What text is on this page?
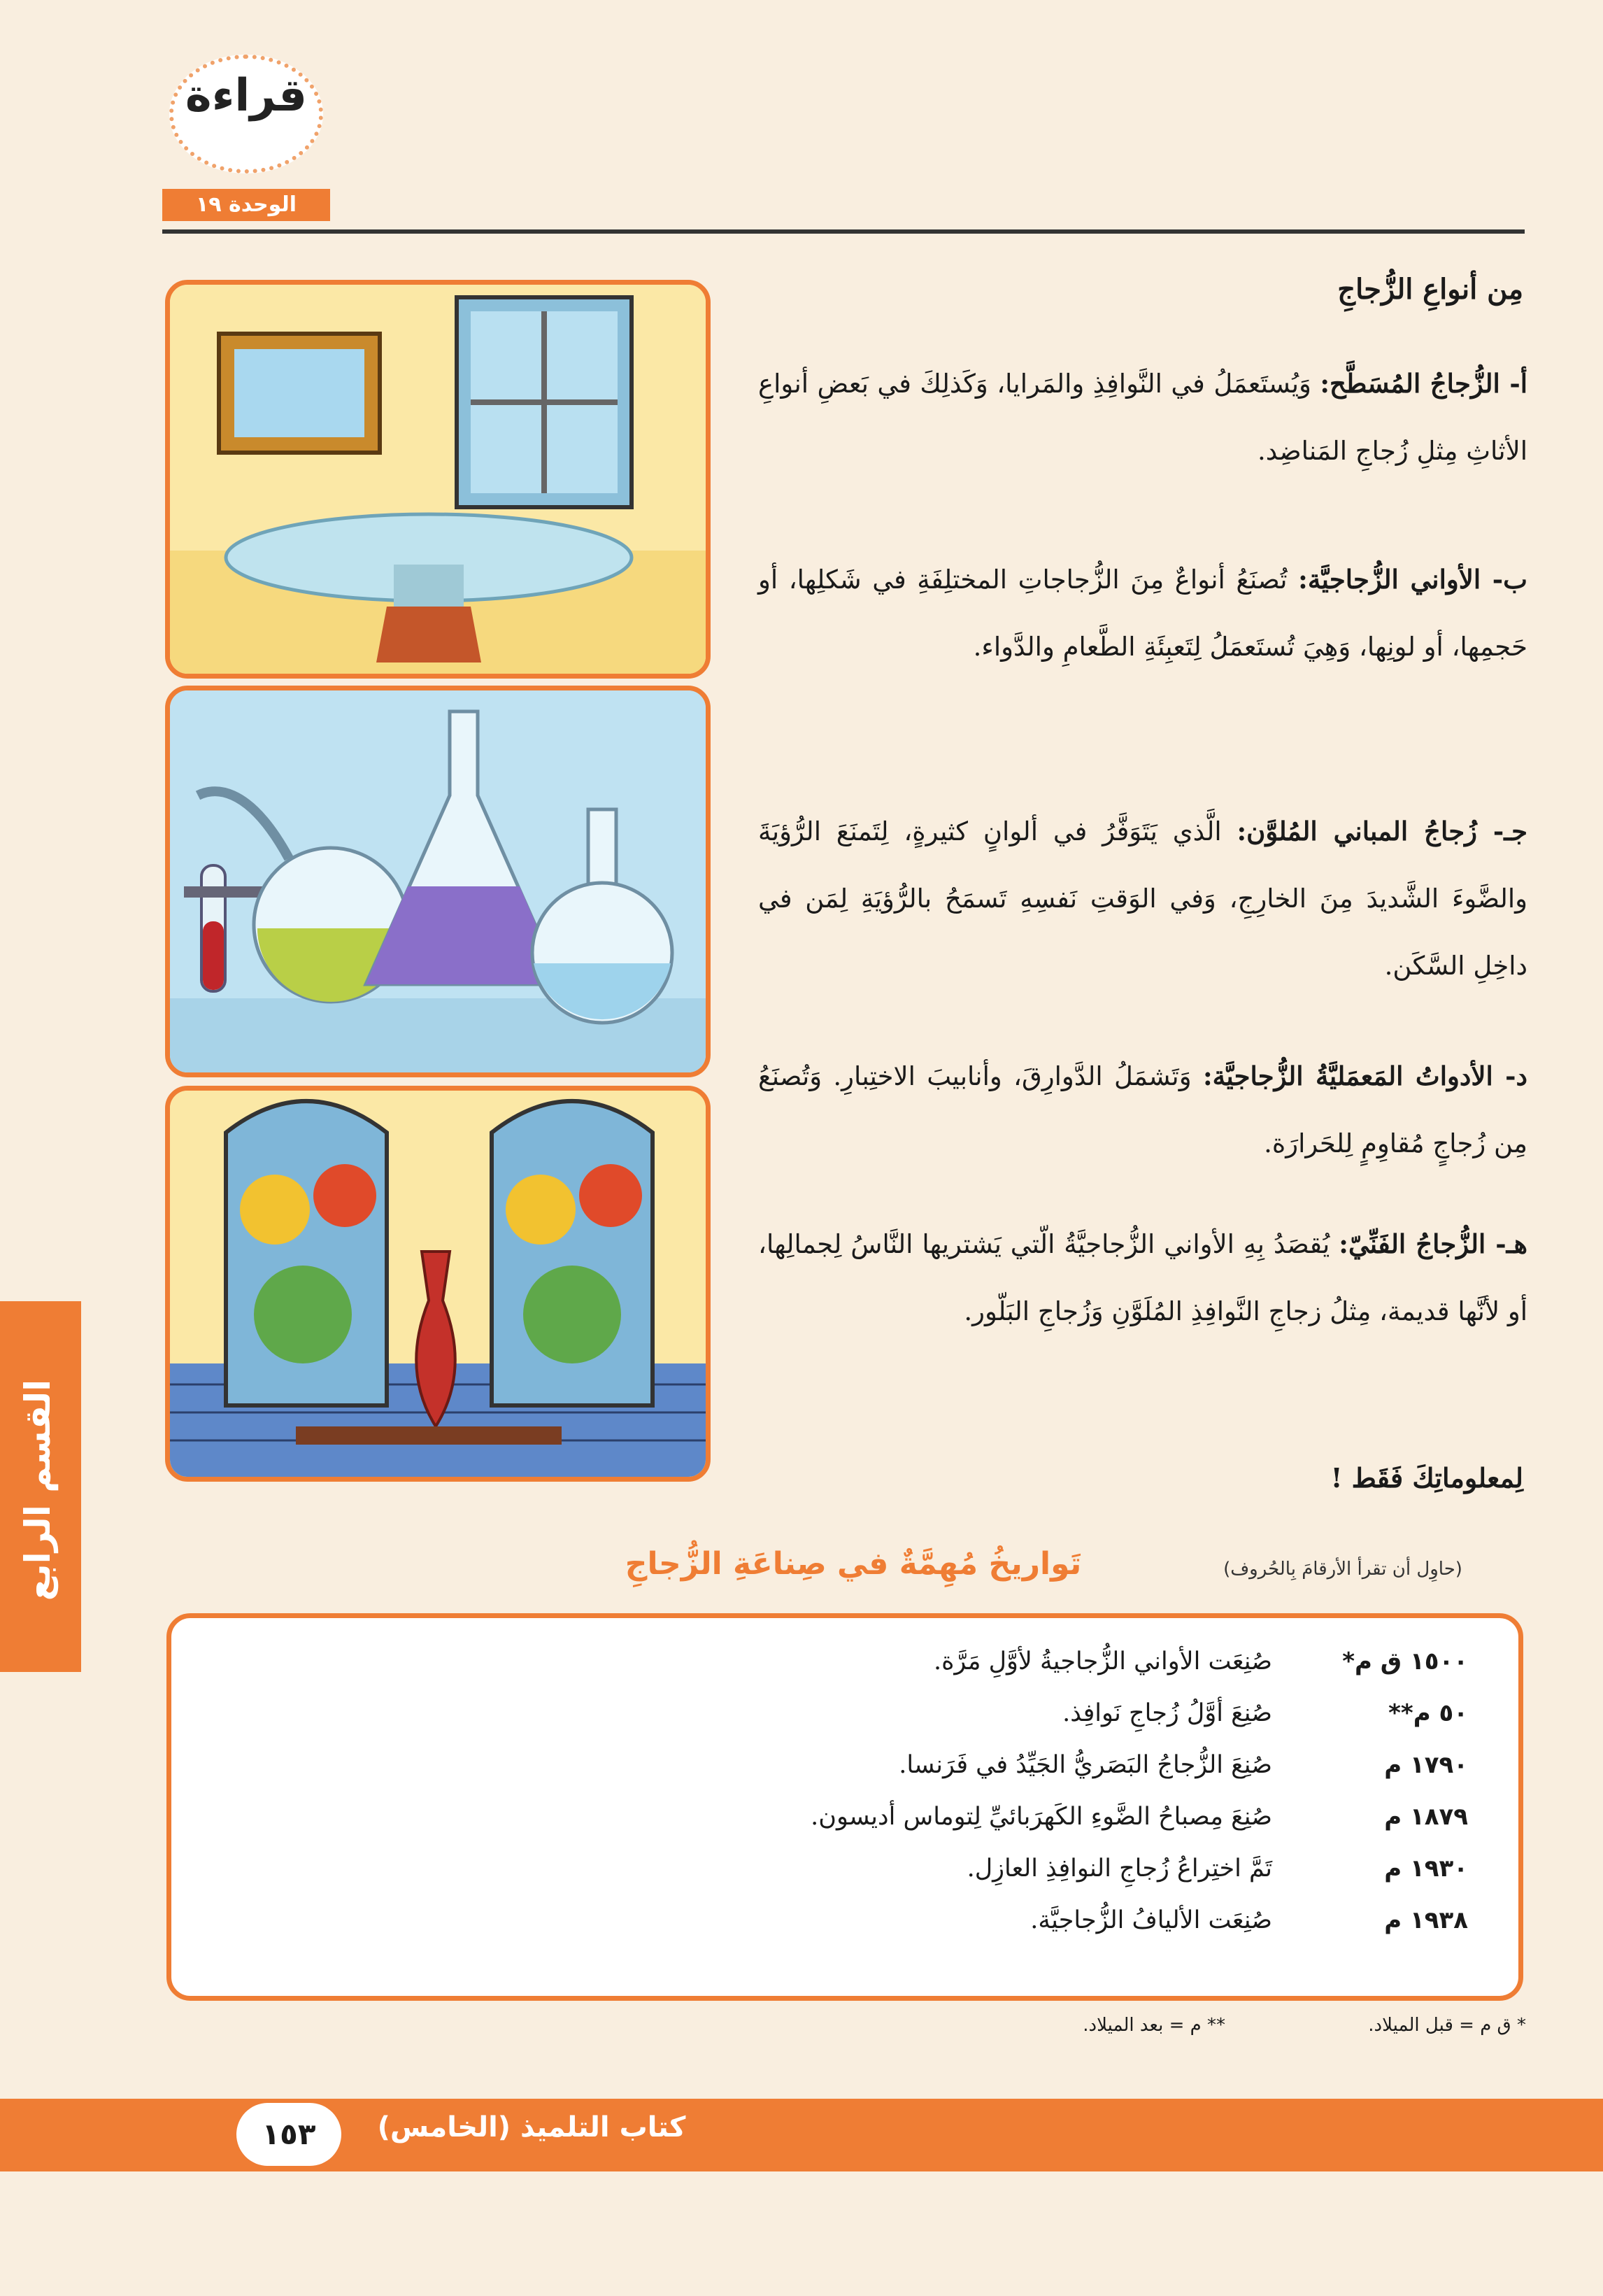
قراءة
الوحدة ١٩
مِن أنواعِ الزُّجاجِ
أ- الزُّجاجُ المُسَطَّح: وَيُستَعمَلُ في النَّوافِذِ والمَرايا، وَكَذلِكَ في بَعضِ أنواعِ الأثاثِ مِثلِ زُجاجِ المَناضِد.
ب- الأواني الزُّجاجيَّة: تُصنَعُ أنواعٌ مِنَ الزُّجاجاتِ المختلِفَةِ في شَكلِها، أو حَجمِها، أو لونِها، وَهِيَ تُستَعمَلُ لِتَعبِئَةِ الطَّعامِ والدَّواء.
جـ- زُجاجُ المباني المُلوَّن: الَّذي يَتَوَفَّرُ في ألوانٍ كثيرةٍ، لِتَمنَعَ الرُّؤيَةَ والضَّوءَ الشَّديدَ مِنَ الخارِجِ، وَفي الوَقتِ نَفسِهِ تَسمَحُ بالرُّؤيَةِ لِمَن في داخِلِ السَّكَن.
د- الأدواتُ المَعمَليَّةُ الزُّجاجيَّة: وَتَشمَلُ الدَّوارِقَ، وأنابيبَ الاختِبارِ. وَتُصنَعُ مِن زُجاجٍ مُقاوِمٍ لِلحَرارَة.
هـ- الزُّجاجُ الفَنِّيّ: يُقصَدُ بِهِ الأواني الزُّجاجيَّةُ الّتي يَشتريها النَّاسُ لِجمالِها، أو لأنَّها قديمة، مِثلُ زجاجِ النَّوافِذِ المُلَوَّنِ وَزُجاجِ البَلّور.
لِمعلوماتِكَ فَقَط !
القسم الرابع	تَواريخُ مُهِمَّةٌ في صِناعَةِ الزُّجاجِ	(حاوِل أن تقرأ الأرقامَ بِالحُروف)
١٥٠٠ ق م*
صُنِعَت الأواني الزُّجاجيةُ لأوَّلِ مَرَّة.
٥٠ م**
صُنِعَ أوَّلُ زُجاجِ نَوافِذ.
١٧٩٠ م
صُنِعَ الزُّجاجُ البَصَريُّ الجَيِّدُ في فَرَنسا.
١٨٧٩ م
صُنِعَ مِصباحُ الضَّوءِ الكَهرَبائيِّ لِتوماس أديسون.
١٩٣٠ م
تَمَّ اختِراعُ زُجاجِ النوافِذِ العازِل.
١٩٣٨ م
صُنِعَت الأليافُ الزُّجاجيَّة.
* ق م = قبل الميلاد.
** م = بعد الميلاد.
١٥٣	كتاب التلميذ (الخامس)
